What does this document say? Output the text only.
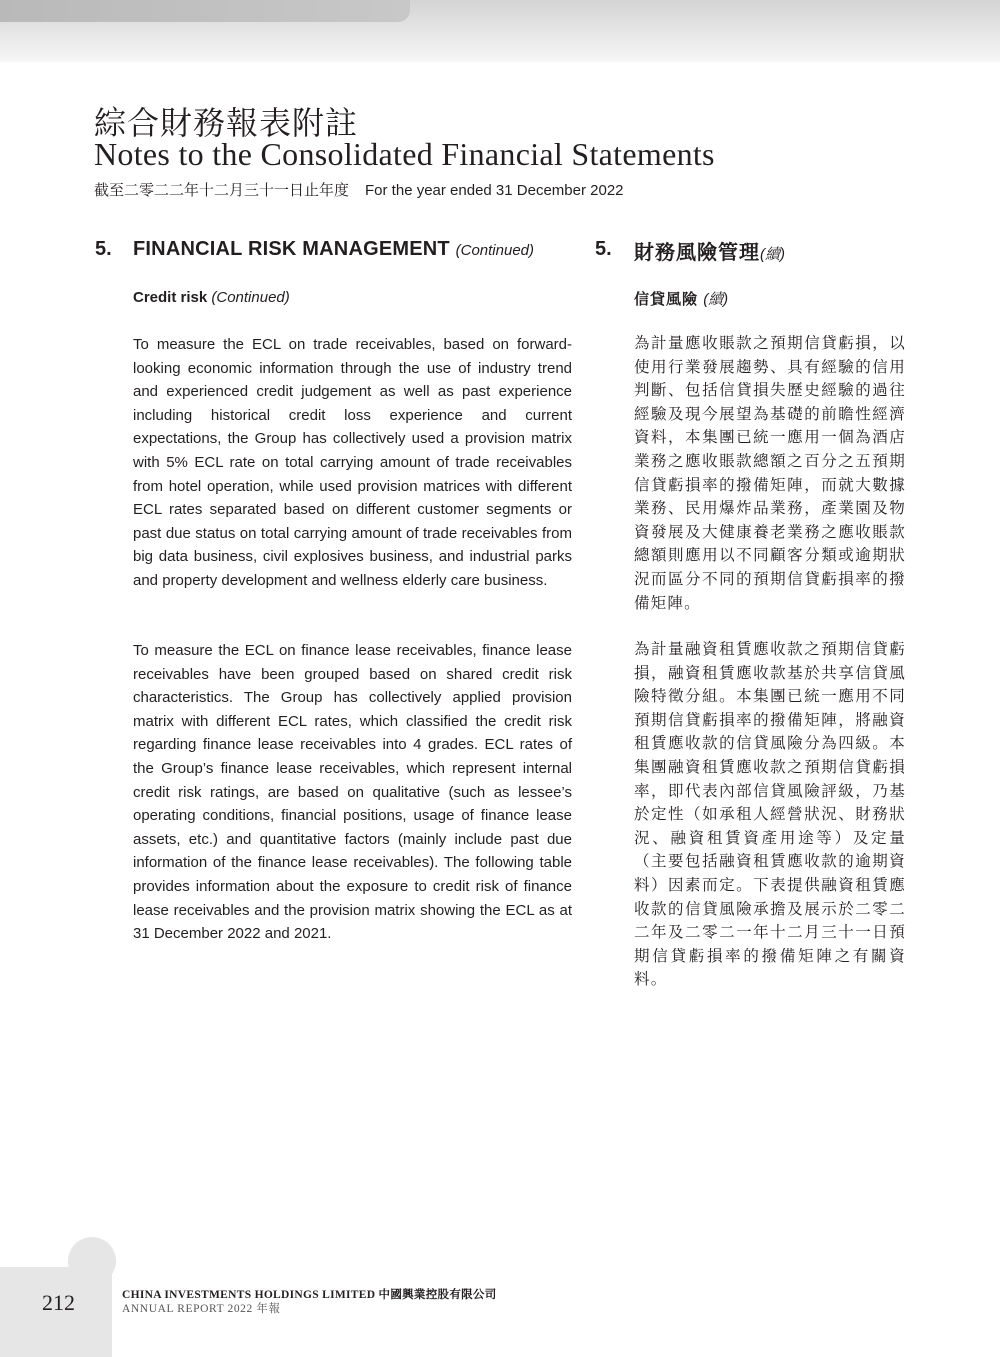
綜合財務報表附註
Notes to the Consolidated Financial Statements
截至二零二二年十二月三十一日止年度 For the year ended 31 December 2022
5. FINANCIAL RISK MANAGEMENT (Continued)	5. 財務風險管理(續)
Credit risk (Continued)	信貸風險 (續)

To measure the ECL on trade receivables, based on forward-looking economic information through the use of industry trend and experienced credit judgement as well as past experience including historical credit loss experience and current expectations, the Group has collectively used a provision matrix with 5% ECL rate on total carrying amount of trade receivables from hotel operation, while used provision matrices with different ECL rates separated based on different customer segments or past due status on total carrying amount of trade receivables from big data business, civil explosives business, and industrial parks and property development and wellness elderly care business.

To measure the ECL on finance lease receivables, finance lease receivables have been grouped based on shared credit risk characteristics. The Group has collectively applied provision matrix with different ECL rates, which classified the credit risk regarding finance lease receivables into 4 grades. ECL rates of the Group’s finance lease receivables, which represent internal credit risk ratings, are based on qualitative (such as lessee’s operating conditions, financial positions, usage of finance lease assets, etc.) and quantitative factors (mainly include past due information of the finance lease receivables). The following table provides information about the exposure to credit risk of finance lease receivables and the provision matrix showing the ECL as at 31 December 2022 and 2021.

為計量應收賬款之預期信貸虧損，以使用行業發展趨勢、具有經驗的信用判斷、包括信貸損失歷史經驗的過往經驗及現今展望為基礎的前瞻性經濟資料，本集團已統一應用一個為酒店業務之應收賬款總額之百分之五預期信貸虧損率的撥備矩陣，而就大數據業務、民用爆炸品業務，產業園及物資發展及大健康養老業務之應收賬款總額則應用以不同顧客分類或逾期狀況而區分不同的預期信貸虧損率的撥備矩陣。

為計量融資租賃應收款之預期信貸虧損，融資租賃應收款基於共享信貸風險特徵分組。本集團已統一應用不同預期信貸虧損率的撥備矩陣，將融資租賃應收款的信貸風險分為四級。本集團融資租賃應收款之預期信貸虧損率，即代表內部信貸風險評級，乃基於定性（如承租人經營狀況、財務狀況、融資租賃資產用途等）及定量（主要包括融資租賃應收款的逾期資料）因素而定。下表提供融資租賃應收款的信貸風險承擔及展示於二零二二年及二零二一年十二月三十一日預期信貸虧損率的撥備矩陣之有關資料。

212	CHINA INVESTMENTS HOLDINGS LIMITED 中國興業控股有限公司
ANNUAL REPORT 2022 年報
